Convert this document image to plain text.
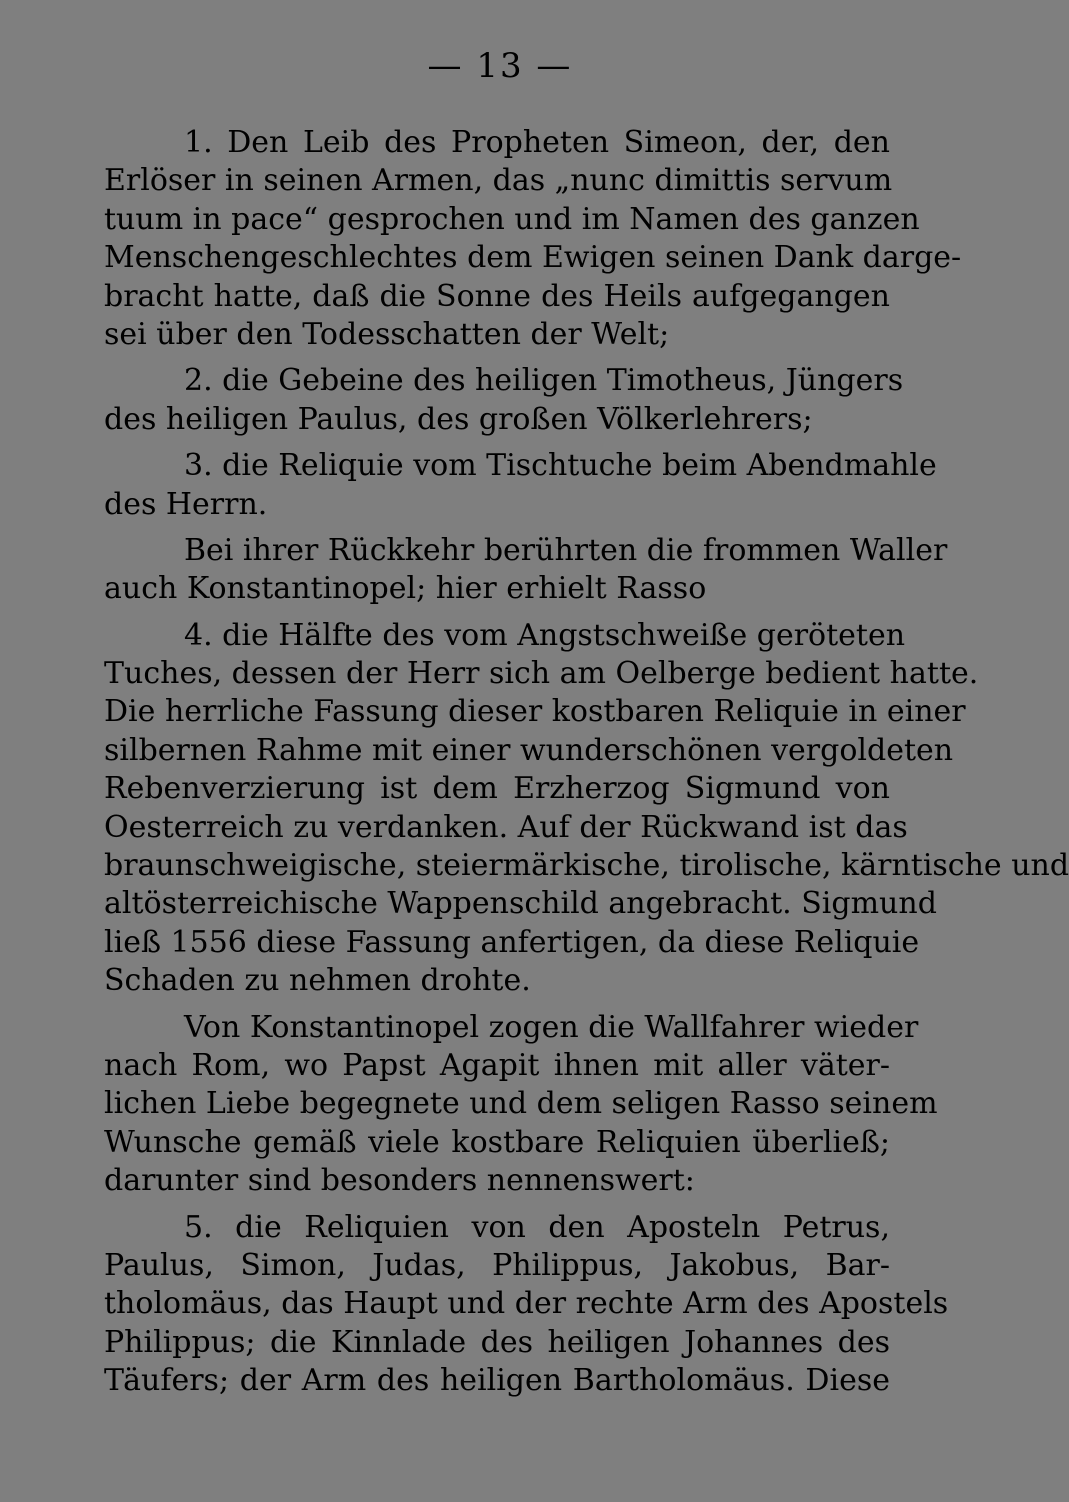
— 13 —
1. Den Leib des Propheten Simeon, der, den
Erlöser in seinen Armen, das „nunc dimittis servum
tuum in pace“ gesprochen und im Namen des ganzen
Menschengeschlechtes dem Ewigen seinen Dank darge-
bracht hatte, daß die Sonne des Heils aufgegangen
sei über den Todesschatten der Welt;
2. die Gebeine des heiligen Timotheus, Jüngers
des heiligen Paulus, des großen Völkerlehrers;
3. die Reliquie vom Tischtuche beim Abendmahle
des Herrn.
Bei ihrer Rückkehr berührten die frommen Waller
auch Konstantinopel; hier erhielt Rasso
4. die Hälfte des vom Angstschweiße geröteten
Tuches, dessen der Herr sich am Oelberge bedient hatte.
Die herrliche Fassung dieser kostbaren Reliquie in einer
silbernen Rahme mit einer wunderschönen vergoldeten
Rebenverzierung ist dem Erzherzog Sigmund von
Oesterreich zu verdanken. Auf der Rückwand ist das
braunschweigische, steiermärkische, tirolische, kärntische und
altösterreichische Wappenschild angebracht. Sigmund
ließ 1556 diese Fassung anfertigen, da diese Reliquie
Schaden zu nehmen drohte.
Von Konstantinopel zogen die Wallfahrer wieder
nach Rom, wo Papst Agapit ihnen mit aller väter-
lichen Liebe begegnete und dem seligen Rasso seinem
Wunsche gemäß viele kostbare Reliquien überließ;
darunter sind besonders nennenswert:
5. die Reliquien von den Aposteln Petrus,
Paulus, Simon, Judas, Philippus, Jakobus, Bar-
tholomäus, das Haupt und der rechte Arm des Apostels
Philippus; die Kinnlade des heiligen Johannes des
Täufers; der Arm des heiligen Bartholomäus. Diese
